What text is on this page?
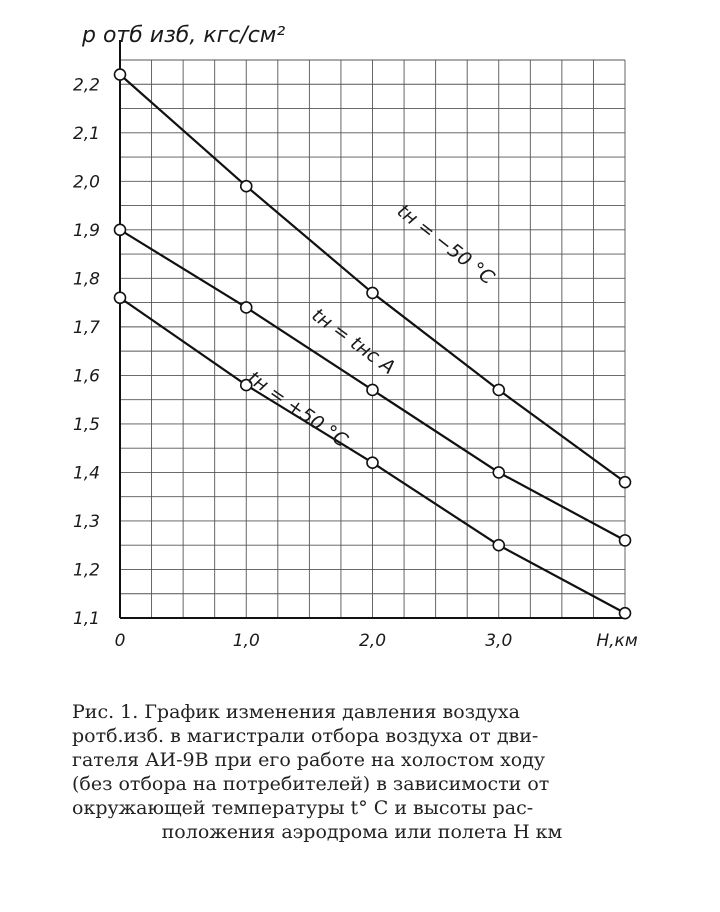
p отб изб, кгс/см²
2,2
2,1
2,0
1,9
1,8
1,7
1,6
1,5
1,4
1,3
1,2
1,1
0	1,0	2,0	3,0	H,км
tн = −50 °C
tн = tнс А
tн = +50 °C
Рис. 1. График изменения давления воздуха
pотб.изб. в магистрали отбора воздуха от дви-
гателя АИ-9В при его работе на холостом ходу
(без отбора на потребителей) в зависимости от
окружающей температуры t° С и высоты рас-
положения аэродрома или полета H км
